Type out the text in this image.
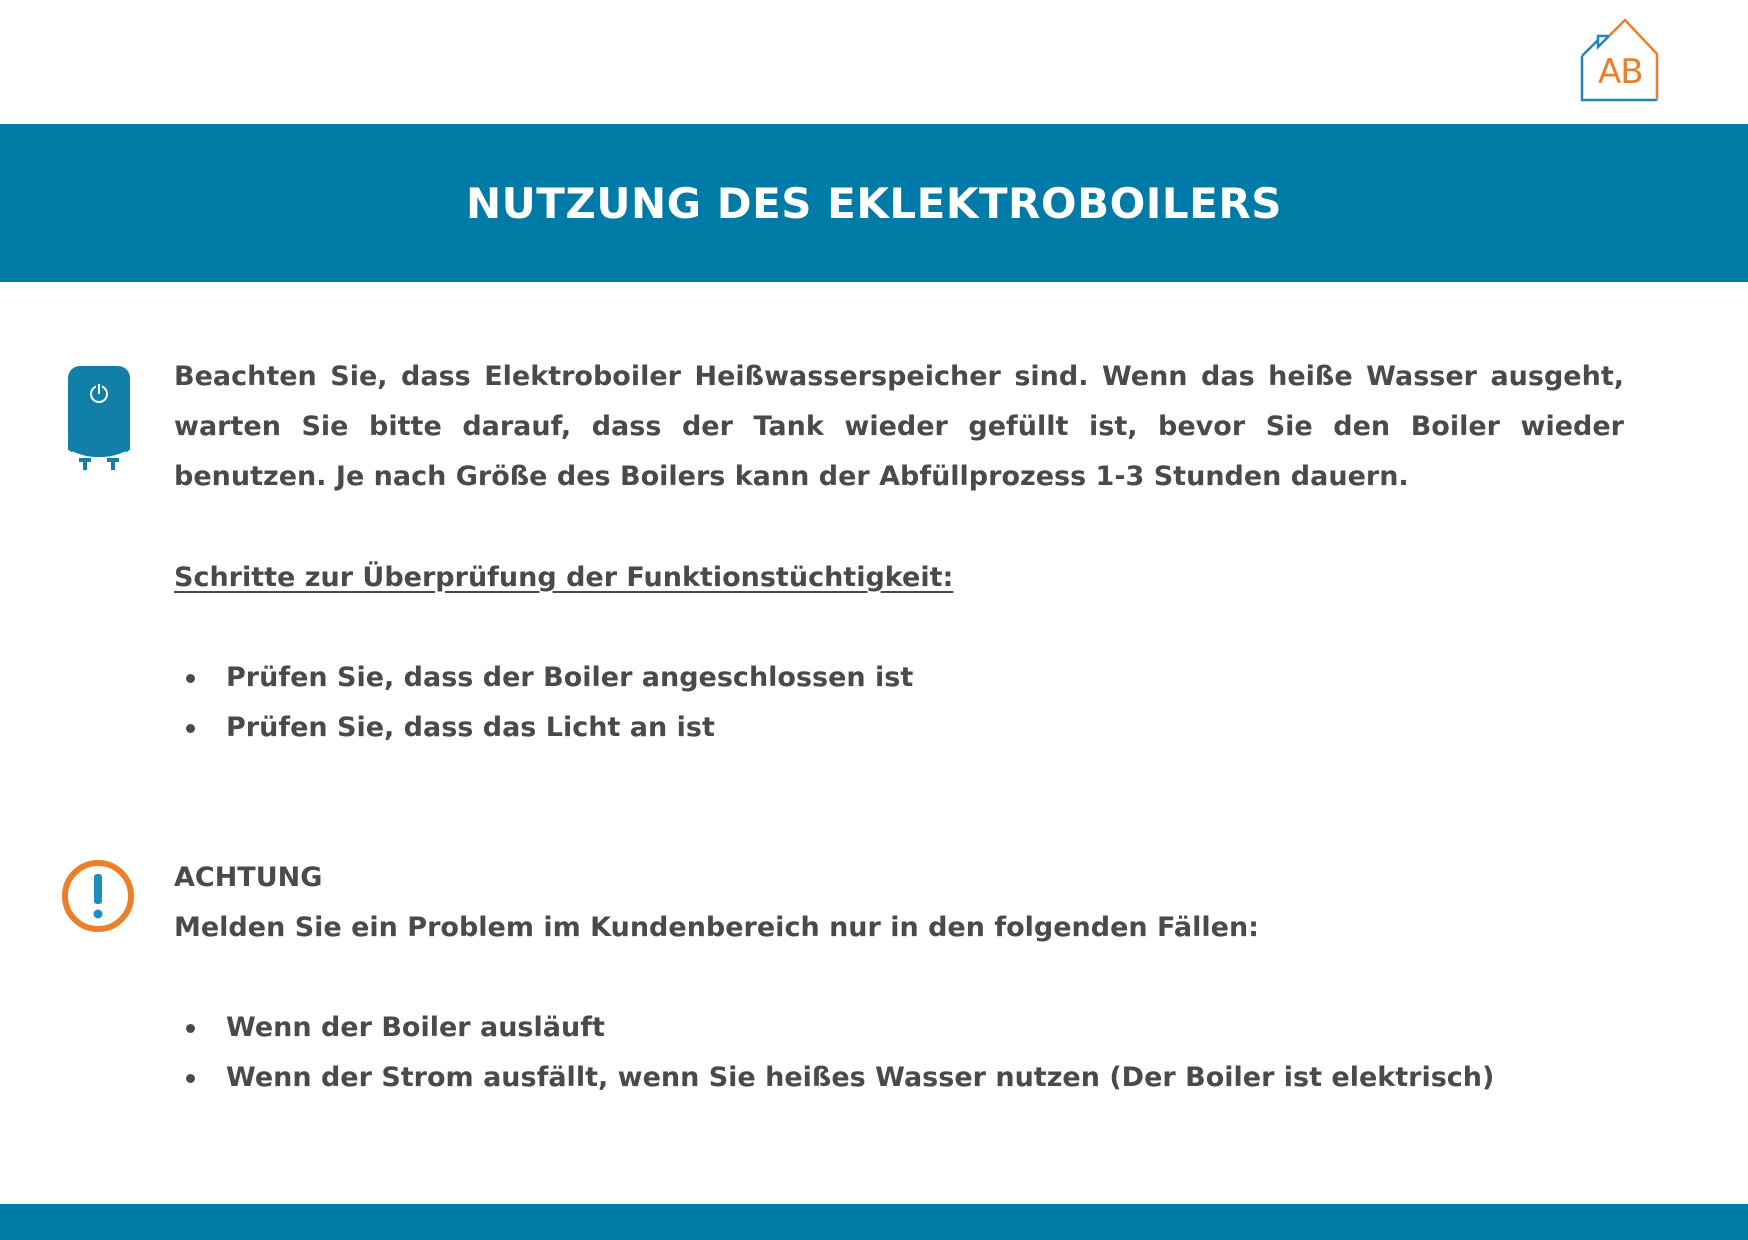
AB
NUTZUNG DES EKLEKTROBOILERS
Beachten Sie, dass Elektroboiler Heißwasserspeicher sind. Wenn das heiße Wasser ausgeht, warten Sie bitte darauf, dass der Tank wieder gefüllt ist, bevor Sie den Boiler wieder benutzen. Je nach Größe des Boilers kann der Abfüllprozess 1-3 Stunden dauern.
Schritte zur Überprüfung der Funktionstüchtigkeit:
Prüfen Sie, dass der Boiler angeschlossen ist
Prüfen Sie, dass das Licht an ist
ACHTUNG
Melden Sie ein Problem im Kundenbereich nur in den folgenden Fällen:
Wenn der Boiler ausläuft
Wenn der Strom ausfällt, wenn Sie heißes Wasser nutzen (Der Boiler ist elektrisch)
